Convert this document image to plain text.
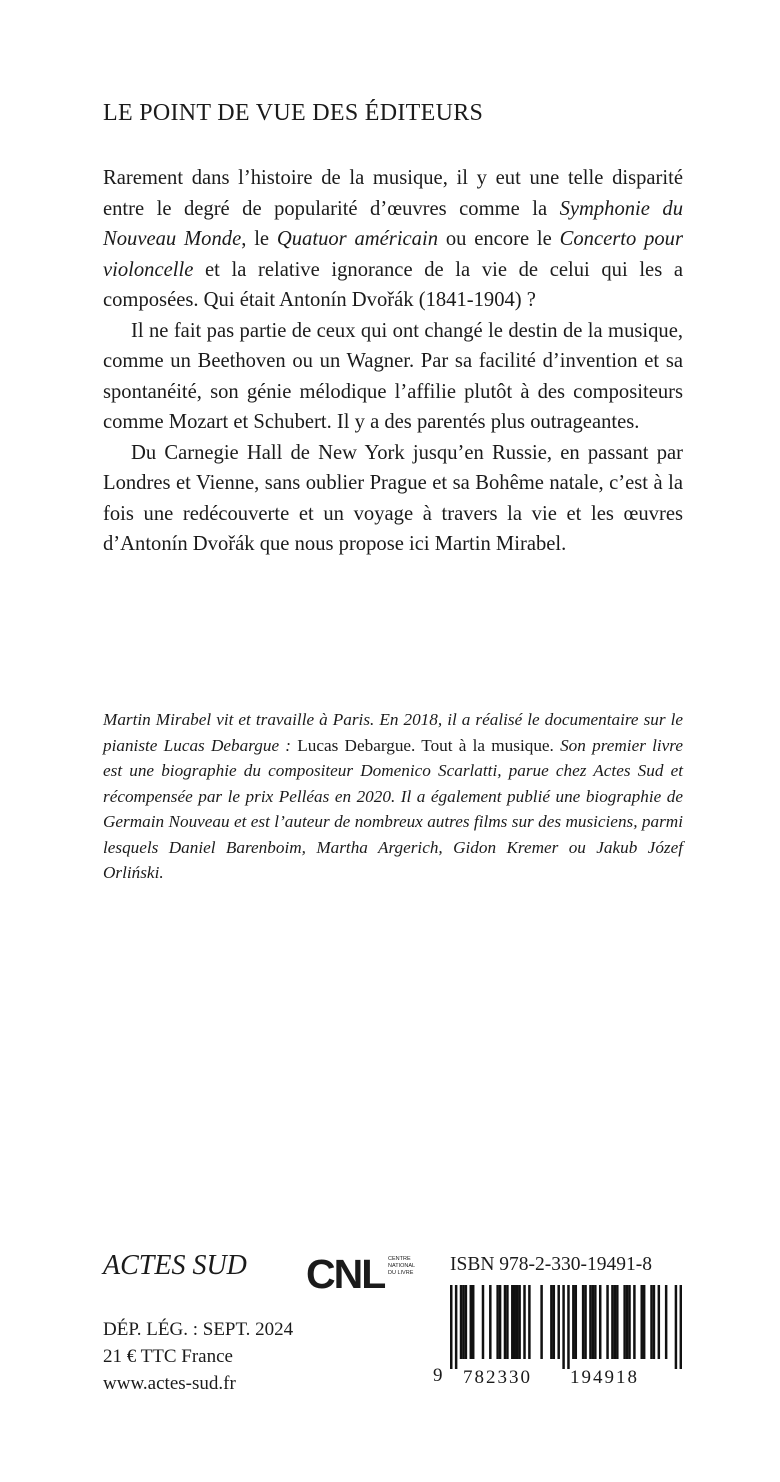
LE POINT DE VUE DES ÉDITEURS

Rarement dans l’histoire de la musique, il y eut une telle disparité entre le degré de popularité d’œuvres comme la Symphonie du Nouveau Monde, le Quatuor américain ou encore le Concerto pour violoncelle et la relative ignorance de la vie de celui qui les a composées. Qui était Antonín Dvořák (1841-1904) ?

Il ne fait pas partie de ceux qui ont changé le destin de la musique, comme un Beethoven ou un Wagner. Par sa facilité d’invention et sa spontanéité, son génie mélodique l’affilie plutôt à des compositeurs comme Mozart et Schubert. Il y a des parentés plus outrageantes.

Du Carnegie Hall de New York jusqu’en Russie, en passant par Londres et Vienne, sans oublier Prague et sa Bohême natale, c’est à la fois une redécouverte et un voyage à travers la vie et les œuvres d’Antonín Dvořák que nous propose ici Martin Mirabel.

Martin Mirabel vit et travaille à Paris. En 2018, il a réalisé le documentaire sur le pianiste Lucas Debargue : Lucas Debargue. Tout à la musique. Son premier livre est une biographie du compositeur Domenico Scarlatti, parue chez Actes Sud et récompensée par le prix Pelléas en 2020. Il a également publié une biographie de Germain Nouveau et est l’auteur de nombreux autres films sur des musiciens, parmi lesquels Daniel Barenboim, Martha Argerich, Gidon Kremer ou Jakub Józef Orliński.

ACTES SUD CNL CENTRE
NATIONAL
DU LIVRE ISBN 978-2-330-19491-8
9 782330 194918
DÉP. LÉG. : SEPT. 2024
21 € TTC France
www.actes-sud.fr
